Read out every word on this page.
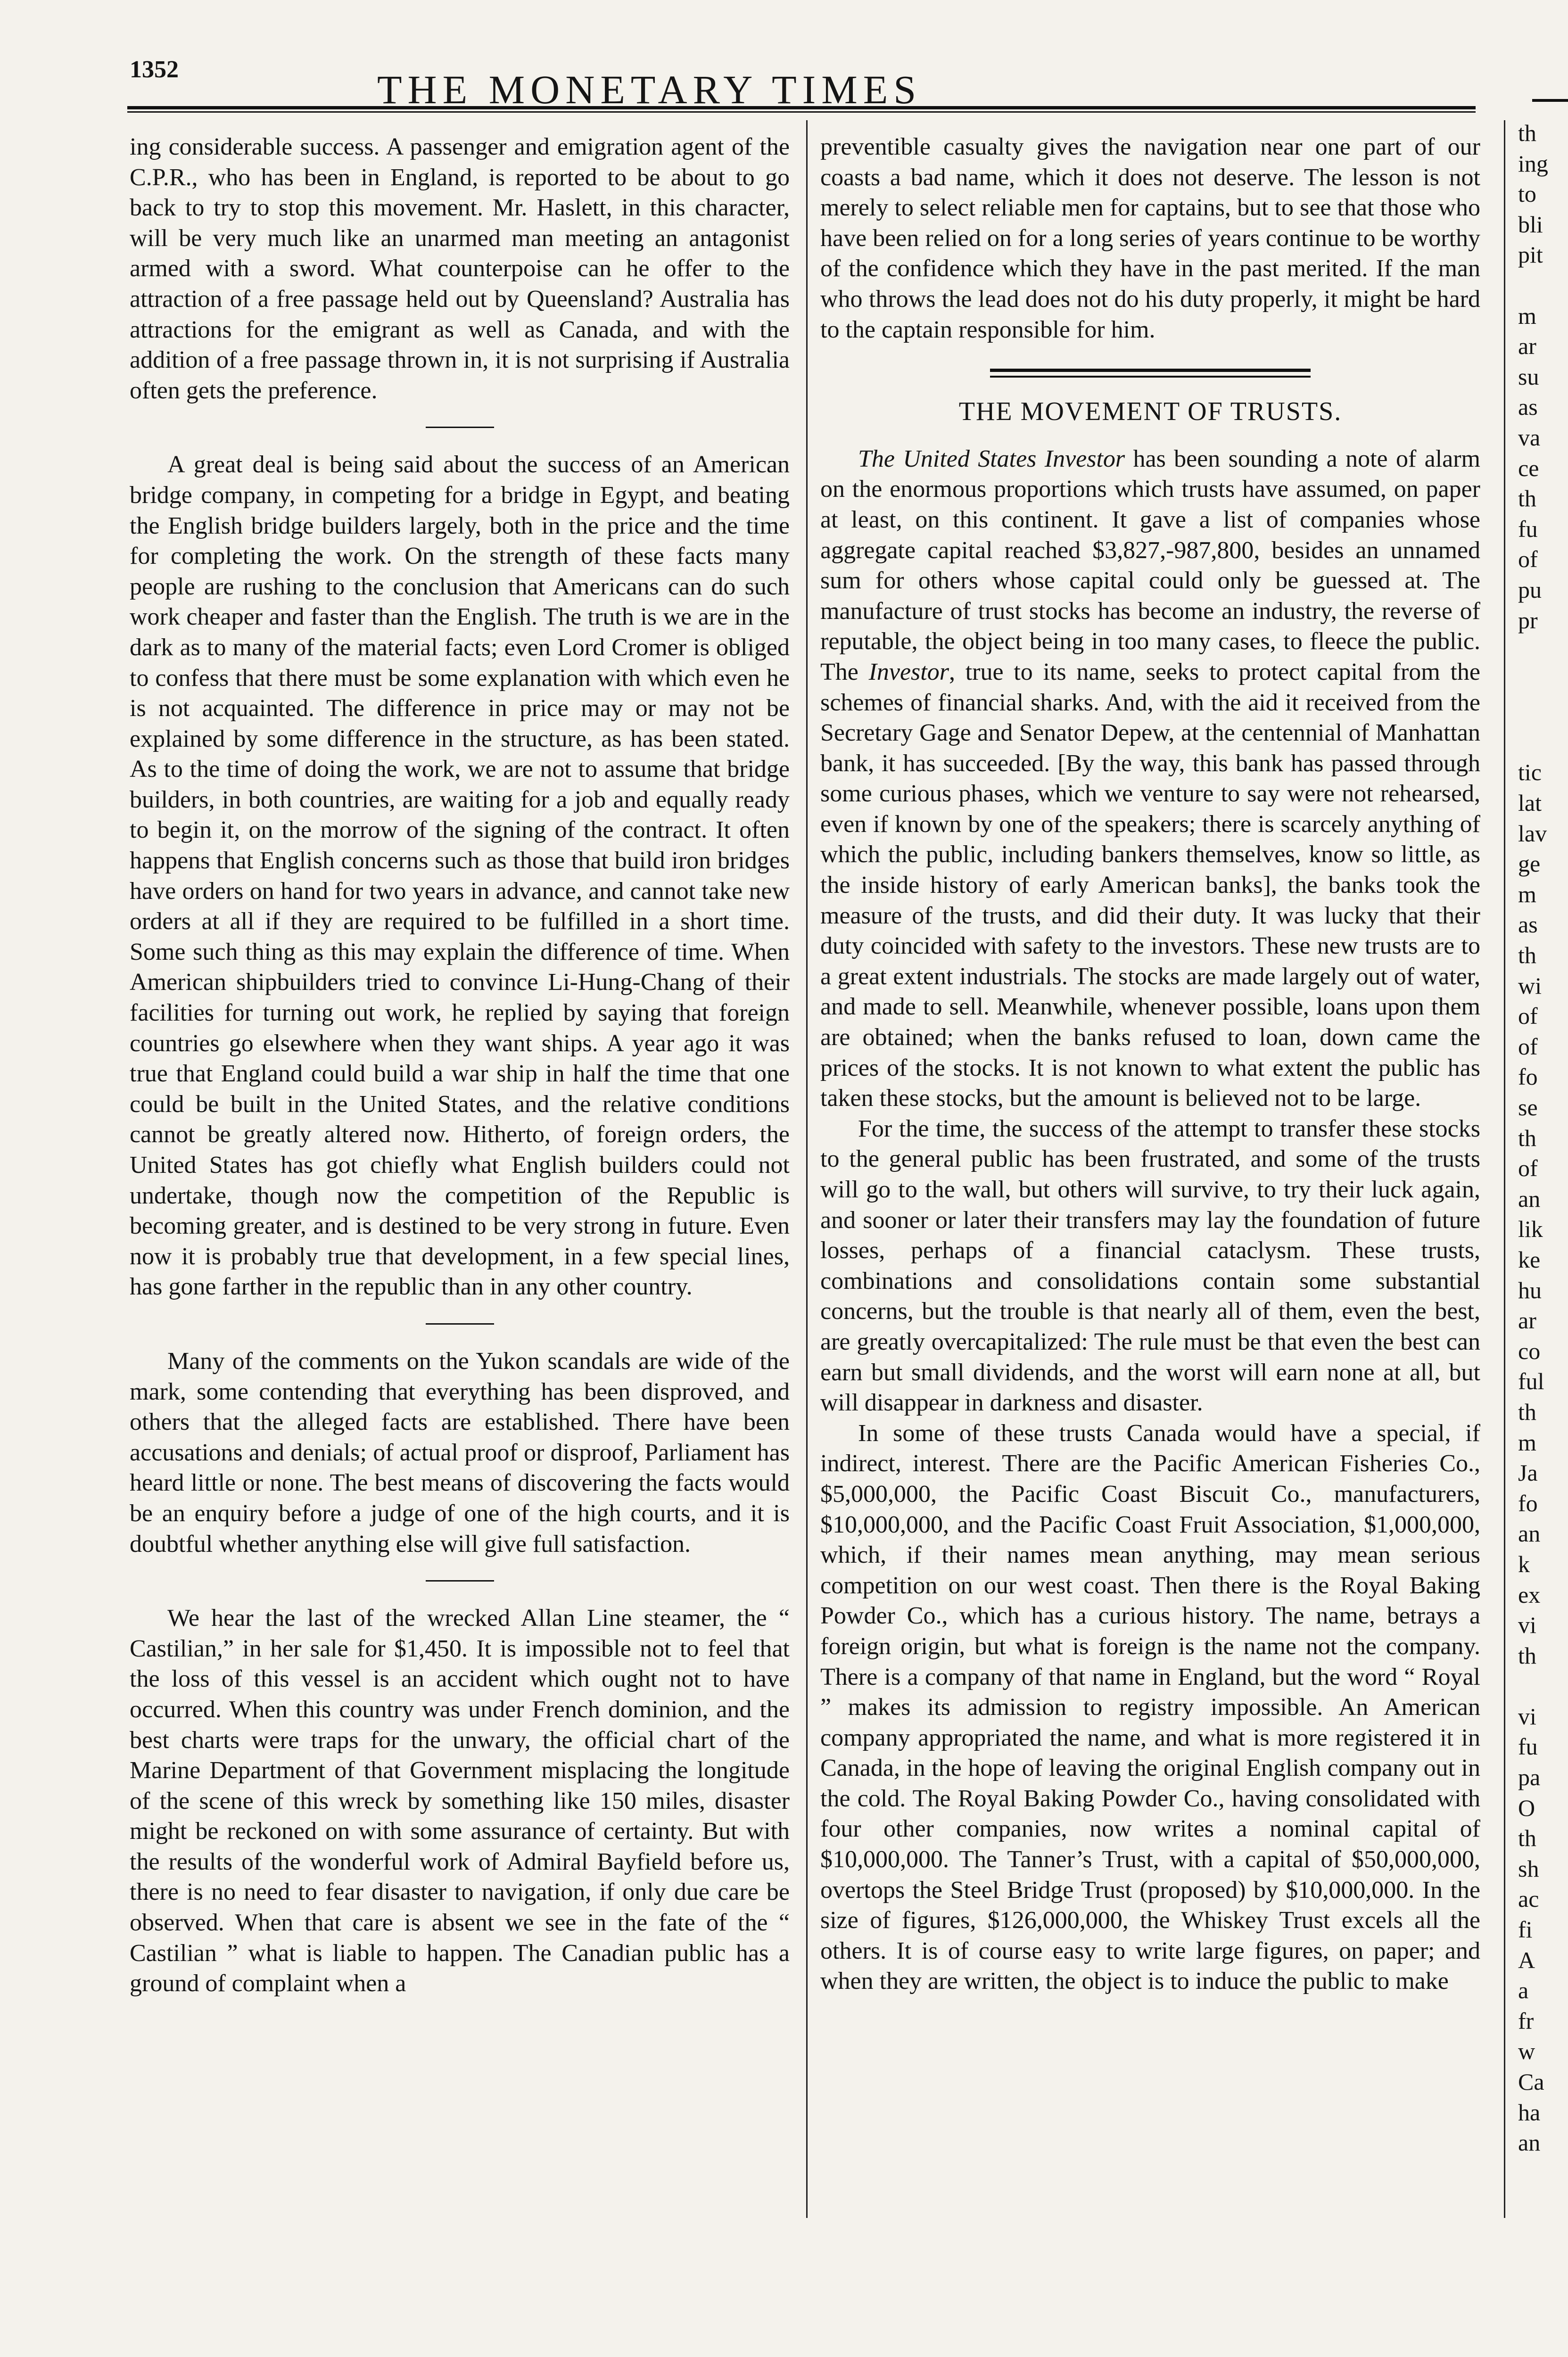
1352	THE MONETARY TIMES

ing considerable success. A passenger and emigration agent of the C.P.R., who has been in England, is reported to be about to go back to try to stop this movement. Mr. Haslett, in this character, will be very much like an unarmed man meeting an antagonist armed with a sword. What counterpoise can he offer to the attraction of a free passage held out by Queensland? Australia has attractions for the emigrant as well as Canada, and with the addition of a free passage thrown in, it is not surprising if Australia often gets the preference.

A great deal is being said about the success of an American bridge company, in competing for a bridge in Egypt, and beating the English bridge builders largely, both in the price and the time for completing the work. On the strength of these facts many people are rushing to the conclusion that Americans can do such work cheaper and faster than the English. The truth is we are in the dark as to many of the material facts; even Lord Cromer is obliged to confess that there must be some explanation with which even he is not acquainted. The difference in price may or may not be explained by some difference in the structure, as has been stated. As to the time of doing the work, we are not to assume that bridge builders, in both countries, are waiting for a job and equally ready to begin it, on the morrow of the signing of the contract. It often happens that English concerns such as those that build iron bridges have orders on hand for two years in advance, and cannot take new orders at all if they are required to be fulfilled in a short time. Some such thing as this may explain the difference of time. When American shipbuilders tried to convince Li-Hung-Chang of their facilities for turning out work, he replied by saying that foreign countries go elsewhere when they want ships. A year ago it was true that England could build a war ship in half the time that one could be built in the United States, and the relative conditions cannot be greatly altered now. Hitherto, of foreign orders, the United States has got chiefly what English builders could not undertake, though now the competition of the Republic is becoming greater, and is destined to be very strong in future. Even now it is probably true that development, in a few special lines, has gone farther in the republic than in any other country.

Many of the comments on the Yukon scandals are wide of the mark, some contending that everything has been disproved, and others that the alleged facts are established. There have been accusations and denials; of actual proof or disproof, Parliament has heard little or none. The best means of discovering the facts would be an enquiry before a judge of one of the high courts, and it is doubtful whether anything else will give full satisfaction.

We hear the last of the wrecked Allan Line steamer, the “ Castilian,” in her sale for $1,450. It is impossible not to feel that the loss of this vessel is an accident which ought not to have occurred. When this country was under French dominion, and the best charts were traps for the unwary, the official chart of the Marine Department of that Government misplacing the longitude of the scene of this wreck by something like 150 miles, disaster might be reckoned on with some assurance of certainty. But with the results of the wonderful work of Admiral Bayfield before us, there is no need to fear disaster to navigation, if only due care be observed. When that care is absent we see in the fate of the “ Castilian ” what is liable to happen. The Canadian public has a ground of complaint when a

preventible casualty gives the navigation near one part of our coasts a bad name, which it does not deserve. The lesson is not merely to select reliable men for captains, but to see that those who have been relied on for a long series of years continue to be worthy of the confidence which they have in the past merited. If the man who throws the lead does not do his duty properly, it might be hard to the captain responsible for him.

THE MOVEMENT OF TRUSTS.

The United States Investor has been sounding a note of alarm on the enormous proportions which trusts have assumed, on paper at least, on this continent. It gave a list of companies whose aggregate capital reached $3,827,-987,800, besides an unnamed sum for others whose capital could only be guessed at. The manufacture of trust stocks has become an industry, the reverse of reputable, the object being in too many cases, to fleece the public. The Investor, true to its name, seeks to protect capital from the schemes of financial sharks. And, with the aid it received from the Secretary Gage and Senator Depew, at the centennial of Manhattan bank, it has succeeded. [By the way, this bank has passed through some curious phases, which we venture to say were not rehearsed, even if known by one of the speakers; there is scarcely anything of which the public, including bankers themselves, know so little, as the inside history of early American banks], the banks took the measure of the trusts, and did their duty. It was lucky that their duty coincided with safety to the investors. These new trusts are to a great extent industrials. The stocks are made largely out of water, and made to sell. Meanwhile, whenever possible, loans upon them are obtained; when the banks refused to loan, down came the prices of the stocks. It is not known to what extent the public has taken these stocks, but the amount is believed not to be large.

For the time, the success of the attempt to transfer these stocks to the general public has been frustrated, and some of the trusts will go to the wall, but others will survive, to try their luck again, and sooner or later their transfers may lay the foundation of future losses, perhaps of a financial cataclysm. These trusts, combinations and consolidations contain some substantial concerns, but the trouble is that nearly all of them, even the best, are greatly overcapitalized: The rule must be that even the best can earn but small dividends, and the worst will earn none at all, but will disappear in darkness and disaster.

In some of these trusts Canada would have a special, if indirect, interest. There are the Pacific American Fisheries Co., $5,000,000, the Pacific Coast Biscuit Co., manufacturers, $10,000,000, and the Pacific Coast Fruit Association, $1,000,000, which, if their names mean anything, may mean serious competition on our west coast. Then there is the Royal Baking Powder Co., which has a curious history. The name, betrays a foreign origin, but what is foreign is the name not the company. There is a company of that name in England, but the word “ Royal ” makes its admission to registry impossible. An American company appropriated the name, and what is more registered it in Canada, in the hope of leaving the original English company out in the cold. The Royal Baking Powder Co., having consolidated with four other companies, now writes a nominal capital of $10,000,000. The Tanner’s Trust, with a capital of $50,000,000, overtops the Steel Bridge Trust (proposed) by $10,000,000. In the size of figures, $126,000,000, the Whiskey Trust excels all the others. It is of course easy to write large figures, on paper; and when they are written, the object is to induce the public to make

th
ing
to
bli
pit
m
ar
su
as
va
ce
th
fu
of
pu
pr
tic
lat
lav
ge
m
as
th
wi
of
of
fo
se
th
of
an
lik
ke
hu
ar
co
ful
th
m
Ja
fo
an
k
ex
vi
th
vi
fu
pa
O
th
sh
ac
fi
A
a
fr
w
Ca
ha
an
